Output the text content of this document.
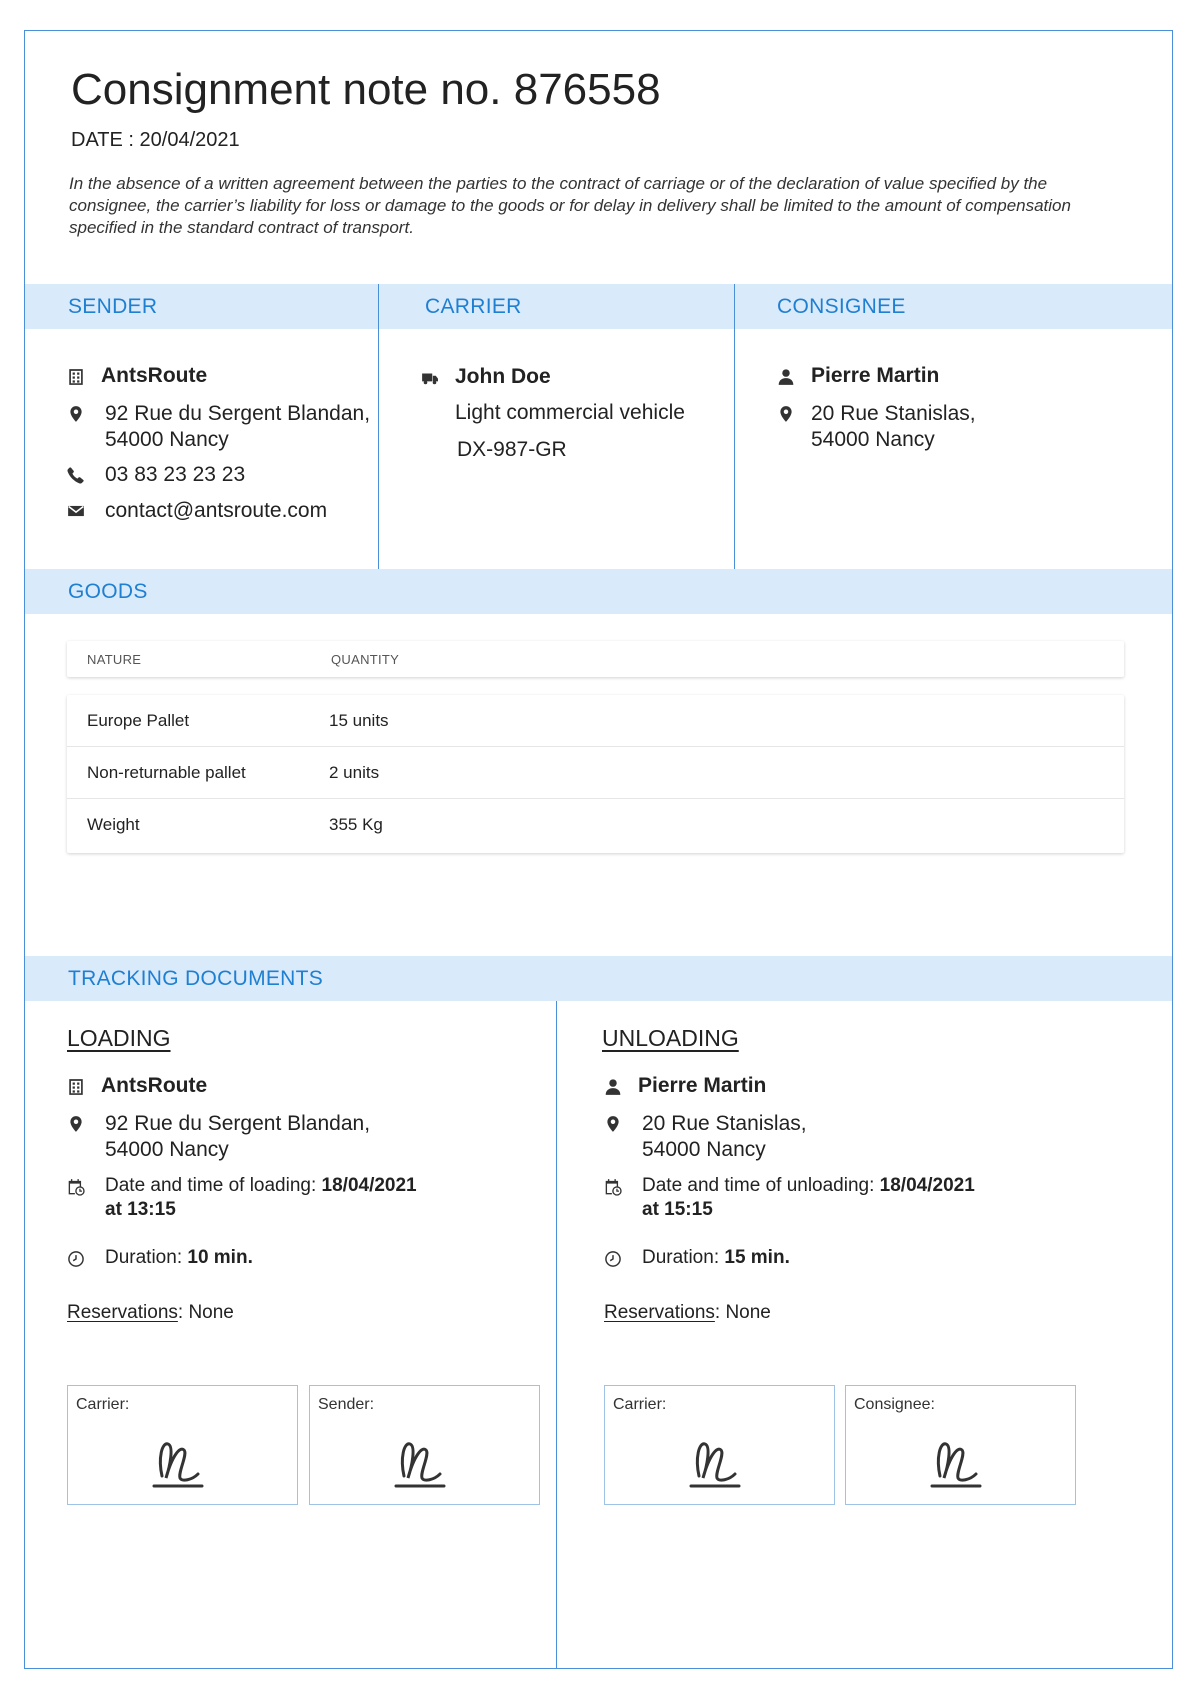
Consignment note no. 876558
DATE : 20/04/2021
In the absence of a written agreement between the parties to the contract of carriage or of the declaration of value specified by the consignee, the carrier’s liability for loss or damage to the goods or for delay in delivery shall be limited to the amount of compensation specified in the standard contract of transport.
SENDER	CARRIER	CONSIGNEE
AntsRoute
92 Rue du Sergent Blandan,
54000 Nancy
03 83 23 23 23
contact@antsroute.com
John Doe
Light commercial vehicle
DX-987-GR
Pierre Martin
20 Rue Stanislas,
54000 Nancy
GOODS
NATURE	QUANTITY
Europe Pallet	15 units
Non-returnable pallet	2 units
Weight	355 Kg
TRACKING DOCUMENTS
LOADING
AntsRoute
92 Rue du Sergent Blandan,
54000 Nancy
Date and time of loading: 18/04/2021
at 13:15
Duration: 10 min.
Reservations: None
Carrier:	Sender:
UNLOADING
Pierre Martin
20 Rue Stanislas,
54000 Nancy
Date and time of unloading: 18/04/2021
at 15:15
Duration: 15 min.
Reservations: None
Carrier:	Consignee:
